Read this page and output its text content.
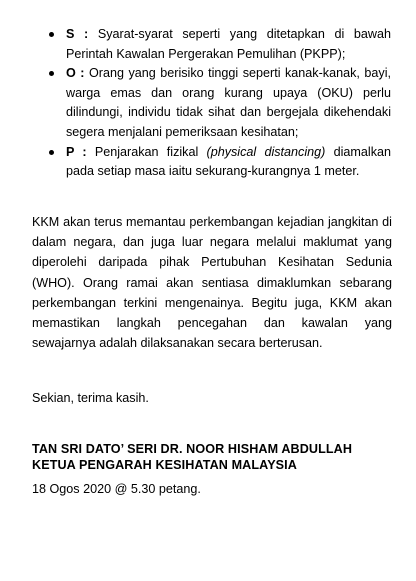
S : Syarat-syarat seperti yang ditetapkan di bawah Perintah Kawalan Pergerakan Pemulihan (PKPP);
O : Orang yang berisiko tinggi seperti kanak-kanak, bayi, warga emas dan orang kurang upaya (OKU) perlu dilindungi, individu tidak sihat dan bergejala dikehendaki segera menjalani pemeriksaan kesihatan;
P : Penjarakan fizikal (physical distancing) diamalkan pada setiap masa iaitu sekurang-kurangnya 1 meter.

KKM akan terus memantau perkembangan kejadian jangkitan di dalam negara, dan juga luar negara melalui maklumat yang diperolehi daripada pihak Pertubuhan Kesihatan Sedunia (WHO). Orang ramai akan sentiasa dimaklumkan sebarang perkembangan terkini mengenainya. Begitu juga, KKM akan memastikan langkah pencegahan dan kawalan yang sewajarnya adalah dilaksanakan secara berterusan.

Sekian, terima kasih.

TAN SRI DATO’ SERI DR. NOOR HISHAM ABDULLAH

KETUA PENGARAH KESIHATAN MALAYSIA

18 Ogos 2020 @ 5.30 petang.
